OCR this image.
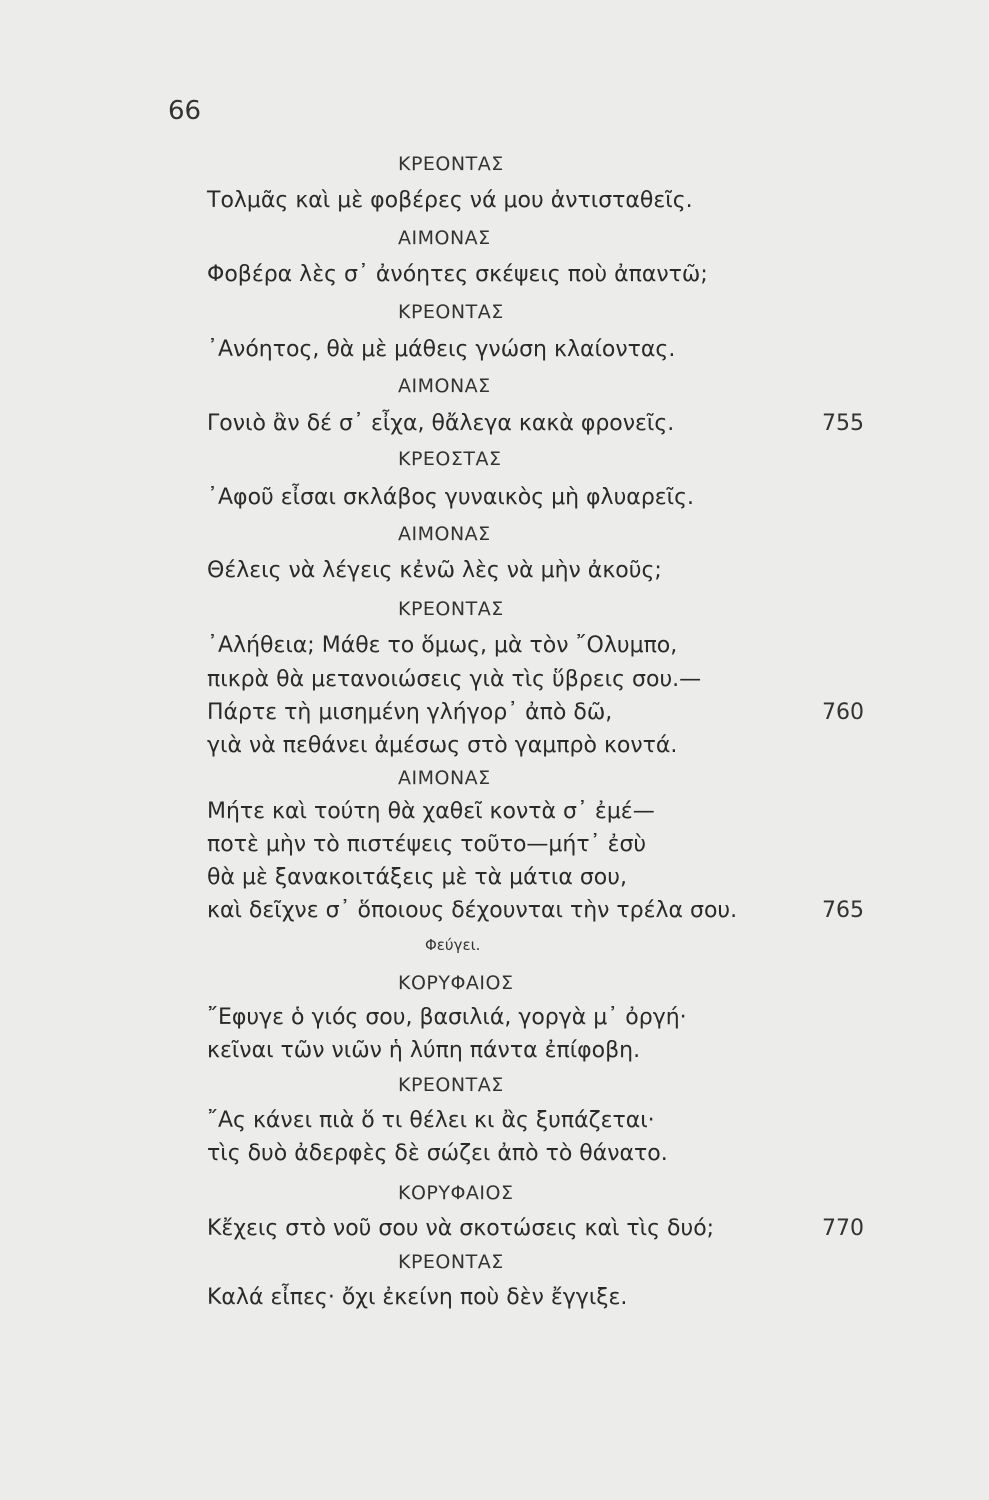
66
ΚΡΕΟΝΤΑΣ
Τολμᾶς καὶ μὲ φοβέρες νά μου ἀντισταθεῖς.
ΑΙΜΟΝΑΣ
Φοβέρα λὲς σ᾽ ἀνόητες σκέψεις ποὺ ἀπαντῶ;
ΚΡΕΟΝΤΑΣ
᾽Ανόητος, θὰ μὲ μάθεις γνώση κλαίοντας.
ΑΙΜΟΝΑΣ
Γονιὸ ἂν δέ σ᾽ εἶχα, θἄλεγα κακὰ φρονεῖς.	755
ΚΡΕΟΣΤΑΣ
᾽Αφοῦ εἶσαι σκλάβος γυναικὸς μὴ φλυαρεῖς.
ΑΙΜΟΝΑΣ
Θέλεις νὰ λέγεις κἐνῶ λὲς νὰ μὴν ἀκοῦς;
ΚΡΕΟΝΤΑΣ
᾽Αλήθεια; Μάθε το ὅμως, μὰ τὸν ῎Ολυμπο,
πικρὰ θὰ μετανοιώσεις γιὰ τὶς ὕβρεις σου.—
Πάρτε τὴ μισημένη γλήγορ᾽ ἀπὸ δῶ,	760
γιὰ νὰ πεθάνει ἀμέσως στὸ γαμπρὸ κοντά.
ΑΙΜΟΝΑΣ
Μήτε καὶ τούτη θὰ χαθεῖ κοντὰ σ᾽ ἐμέ—
ποτὲ μὴν τὸ πιστέψεις τοῦτο—μήτ᾽ ἐσὺ
θὰ μὲ ξανακοιτάξεις μὲ τὰ μάτια σου,
καὶ δεῖχνε σ᾽ ὅποιους δέχουνται τὴν τρέλα σου.	765
Φεύγει.
ΚΟΡΥΦΑΙΟΣ
῎Εφυγε ὁ γιός σου, βασιλιά, γοργὰ μ᾽ ὀργή·
κεῖναι τῶν νιῶν ἡ λύπη πάντα ἐπίφοβη.
ΚΡΕΟΝΤΑΣ
῎Ας κάνει πιὰ ὅ τι θέλει κι ἂς ξυπάζεται·
τὶς δυὸ ἀδερφὲς δὲ σώζει ἀπὸ τὸ θάνατο.
ΚΟΡΥΦΑΙΟΣ
Κἔχεις στὸ νοῦ σου νὰ σκοτώσεις καὶ τὶς δυό;	770
ΚΡΕΟΝΤΑΣ
Καλά εἶπες· ὄχι ἐκείνη ποὺ δὲν ἔγγιξε.
